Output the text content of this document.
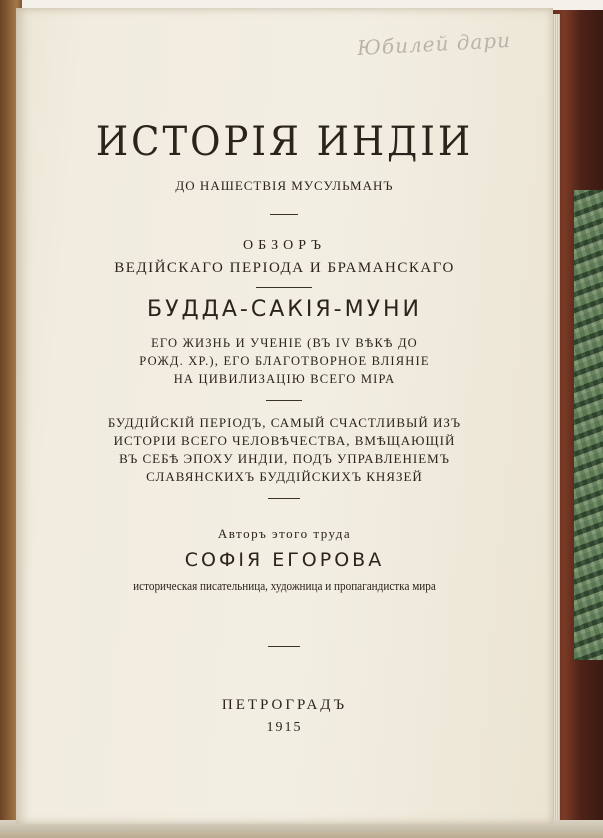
Юбилей дари
ИСТОРІЯ ИНДІИ
ДО НАШЕСТВІЯ МУСУЛЬМАНЪ
ОБЗОРЪ
ВЕДІЙСКАГО ПЕРІОДА И БРАМАНСКАГО
БУДДА-САКІЯ-МУНИ
ЕГО ЖИЗНЬ И УЧЕНІЕ (ВЪ IV ВѢКѢ ДО
РОЖД. ХР.), ЕГО БЛАГОТВОРНОЕ ВЛІЯНІЕ
НА ЦИВИЛИЗАЦІЮ ВСЕГО МІРА
БУДДІЙСКІЙ ПЕРІОДЪ, САМЫЙ СЧАСТЛИВЫЙ ИЗЪ
ИСТОРІИ ВСЕГО ЧЕЛОВѢЧЕСТВА, ВМѢЩАЮЩІЙ
ВЪ СЕБѢ ЭПОХУ ИНДІИ, ПОДЪ УПРАВЛЕНІЕМЪ
СЛАВЯНСКИХЪ БУДДІЙСКИХЪ КНЯЗЕЙ
Авторъ этого труда
СОФІЯ ЕГОРОВА
историческая писательница, художница и пропагандистка мира
ПЕТРОГРАДЪ
1915
